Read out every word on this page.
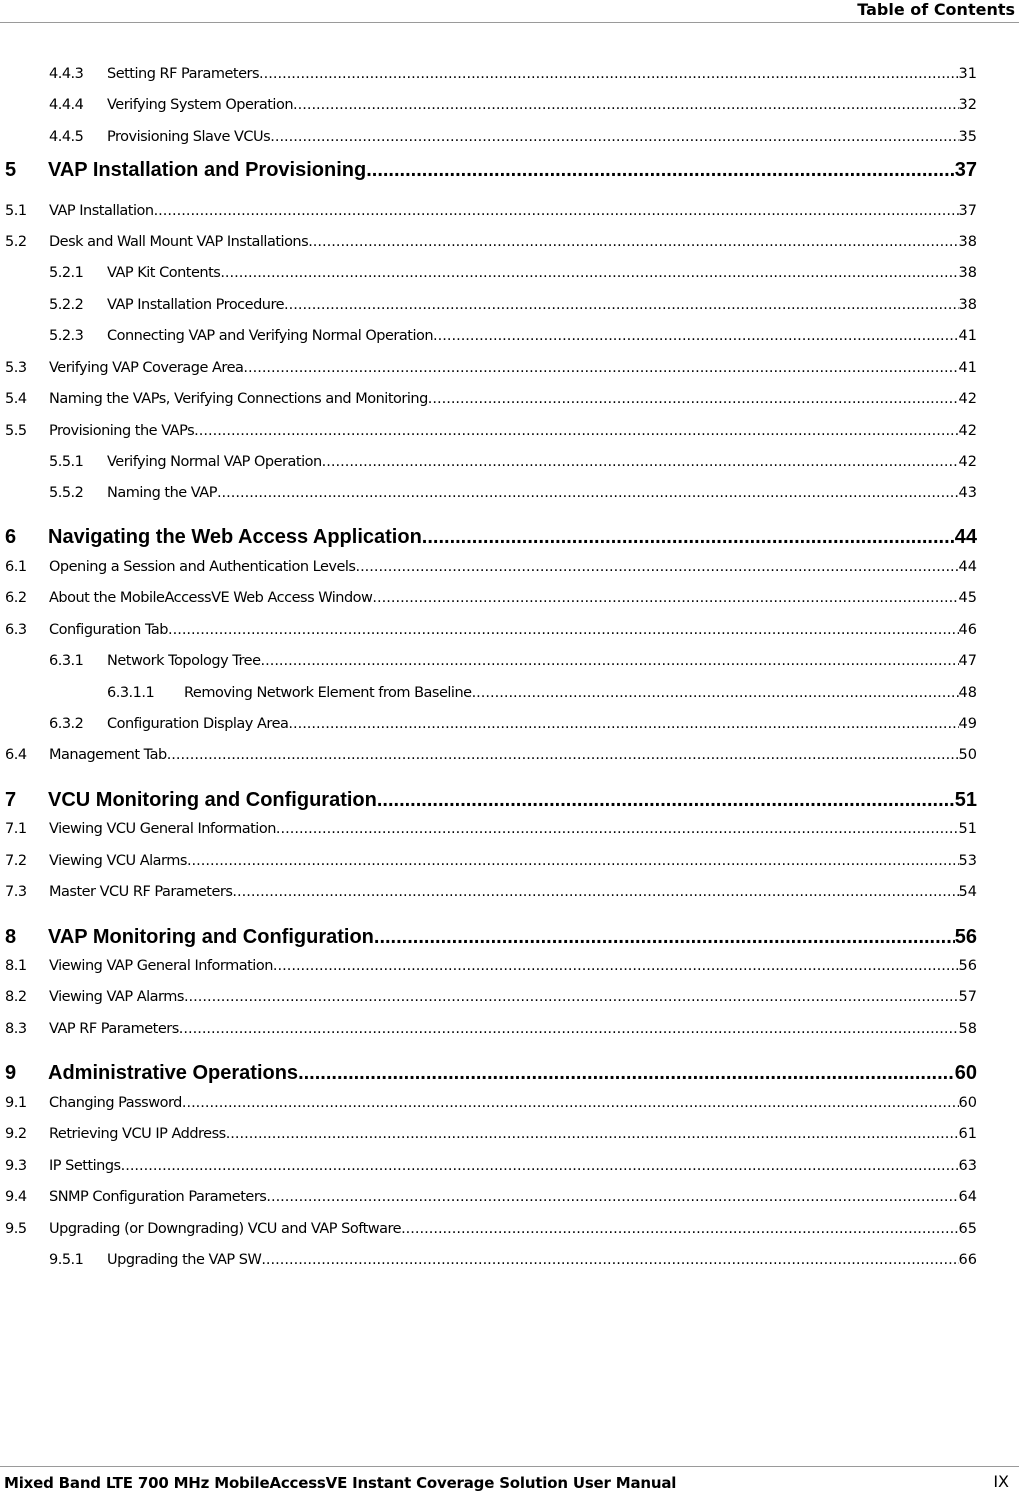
Table of Contents
4.4.3	Setting RF Parameters .....	31
4.4.4	Verifying System Operation .....	32
4.4.5	Provisioning Slave VCUs .....	35
5	VAP Installation and Provisioning .....	37
5.1	VAP Installation .....	37
5.2	Desk and Wall Mount VAP Installations .....	38
5.2.1	VAP Kit Contents .....	38
5.2.2	VAP Installation Procedure .....	38
5.2.3	Connecting VAP and Verifying Normal Operation .....	41
5.3	Verifying VAP Coverage Area .....	41
5.4	Naming the VAPs, Verifying Connections and Monitoring .....	42
5.5	Provisioning the VAPs .....	42
5.5.1	Verifying Normal VAP Operation .....	42
5.5.2	Naming the VAP .....	43
6	Navigating the Web Access Application .....	44
6.1	Opening a Session and Authentication Levels .....	44
6.2	About the MobileAccessVE Web Access Window .....	45
6.3	Configuration Tab .....	46
6.3.1	Network Topology Tree .....	47
6.3.1.1	Removing Network Element from Baseline .....	48
6.3.2	Configuration Display Area .....	49
6.4	Management Tab .....	50
7	VCU Monitoring and Configuration .....	51
7.1	Viewing VCU General Information .....	51
7.2	Viewing VCU Alarms .....	53
7.3	Master VCU RF Parameters .....	54
8	VAP Monitoring and Configuration .....	56
8.1	Viewing VAP General Information .....	56
8.2	Viewing VAP Alarms .....	57
8.3	VAP RF Parameters .....	58
9	Administrative Operations .....	60
9.1	Changing Password .....	60
9.2	Retrieving VCU IP Address .....	61
9.3	IP Settings .....	63
9.4	SNMP Configuration Parameters .....	64
9.5	Upgrading (or Downgrading) VCU and VAP Software .....	65
9.5.1	Upgrading the VAP SW .....	66
Mixed Band LTE 700 MHz MobileAccessVE Instant Coverage Solution User Manual	IX
